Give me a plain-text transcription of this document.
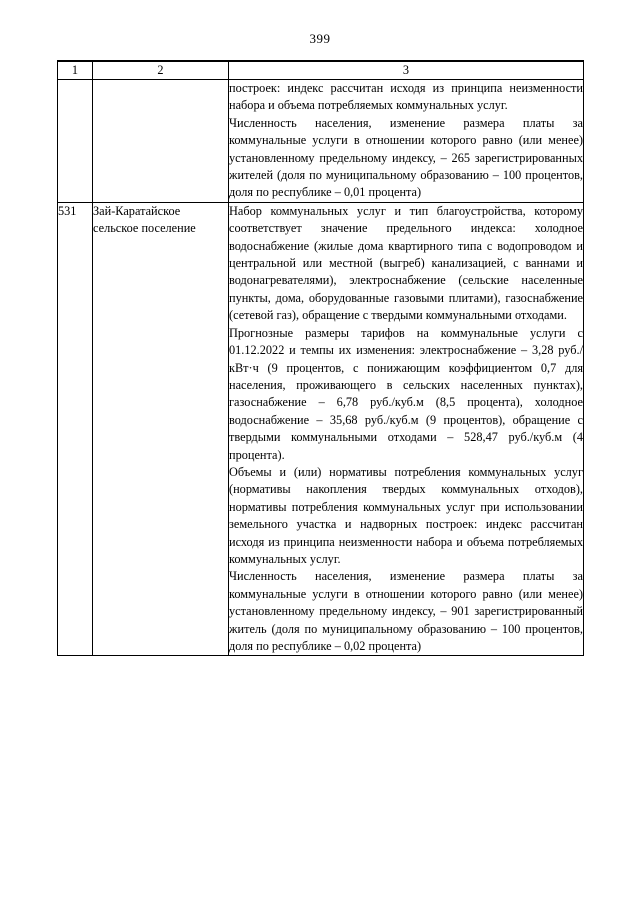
399
1	2	3

		построек: индекс рассчитан исходя из принципа неизменности набора и объема потребляемых коммунальных услуг.

Численность населения, изменение размера платы за коммунальные услуги в отношении которого равно (или менее) установленному предельному индексу, – 265 зарегистрированных жителей (доля по муниципальному образованию – 100 процентов, доля по республике – 0,01 процента)

531	Зай-Каратайское сельское поселение	Набор коммунальных услуг и тип благоустройства, которому соответствует значение предельного индекса: холодное водоснабжение (жилые дома квартирного типа с водопроводом и центральной или местной (выгреб) канализацией, с ваннами и водонагревателями), электроснабжение (сельские населенные пункты, дома, оборудованные газовыми плитами), газоснабжение (сетевой газ), обращение с твердыми коммунальными отходами.

Прогнозные размеры тарифов на коммунальные услуги с 01.12.2022 и темпы их изменения: электроснабжение – 3,28 руб./кВт·ч (9 процентов, с понижающим коэффициентом 0,7 для населения, проживающего в сельских населенных пунктах), газоснабжение – 6,78 руб./куб.м (8,5 процента), холодное водоснабжение – 35,68 руб./куб.м (9 процентов), обращение с твердыми коммунальными отходами – 528,47 руб./куб.м (4 процента).

Объемы и (или) нормативы потребления коммунальных услуг (нормативы накопления твердых коммунальных отходов), нормативы потребления коммунальных услуг при использовании земельного участка и надворных построек: индекс рассчитан исходя из принципа неизменности набора и объема потребляемых коммунальных услуг.

Численность населения, изменение размера платы за коммунальные услуги в отношении которого равно (или менее) установленному предельному индексу, – 901 зарегистрированный житель (доля по муниципальному образованию – 100 процентов, доля по республике – 0,02 процента)
